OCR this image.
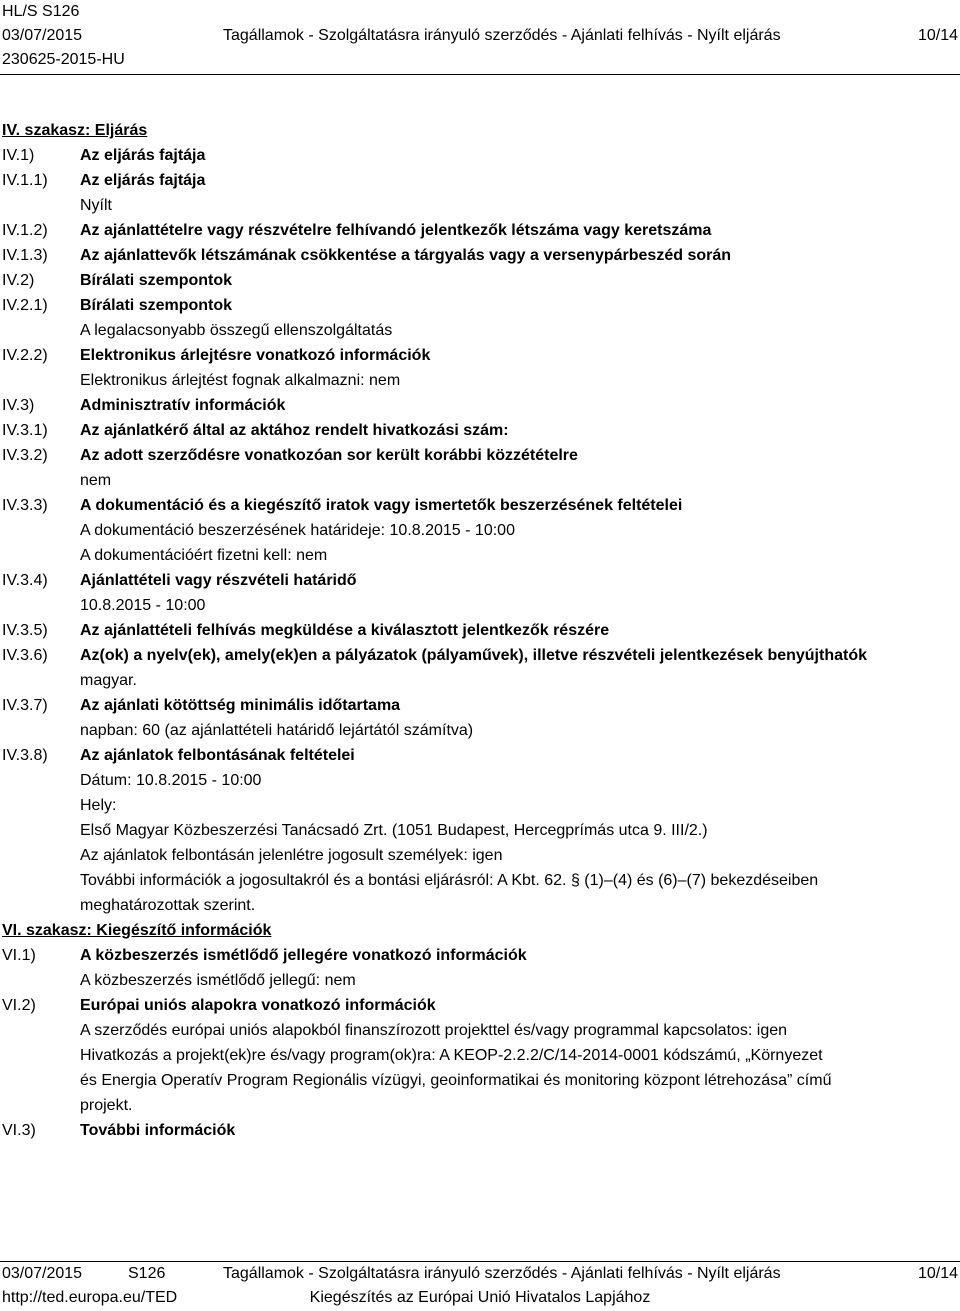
HL/S S126
03/07/2015	Tagállamok - Szolgáltatásra irányuló szerződés - Ajánlati felhívás - Nyílt eljárás	10/14
230625-2015-HU
IV. szakasz: Eljárás
IV.1)	Az eljárás fajtája
IV.1.1)	Az eljárás fajtája
Nyílt
IV.1.2)	Az ajánlattételre vagy részvételre felhívandó jelentkezők létszáma vagy keretszáma
IV.1.3)	Az ajánlattevők létszámának csökkentése a tárgyalás vagy a versenypárbeszéd során
IV.2)	Bírálati szempontok
IV.2.1)	Bírálati szempontok
A legalacsonyabb összegű ellenszolgáltatás
IV.2.2)	Elektronikus árlejtésre vonatkozó információk
Elektronikus árlejtést fognak alkalmazni: nem
IV.3)	Adminisztratív információk
IV.3.1)	Az ajánlatkérő által az aktához rendelt hivatkozási szám:
IV.3.2)	Az adott szerződésre vonatkozóan sor került korábbi közzétételre
nem
IV.3.3)	A dokumentáció és a kiegészítő iratok vagy ismertetők beszerzésének feltételei
A dokumentáció beszerzésének határideje: 10.8.2015 - 10:00
A dokumentációért fizetni kell: nem
IV.3.4)	Ajánlattételi vagy részvételi határidő
10.8.2015 - 10:00
IV.3.5)	Az ajánlattételi felhívás megküldése a kiválasztott jelentkezők részére
IV.3.6)	Az(ok) a nyelv(ek), amely(ek)en a pályázatok (pályaművek), illetve részvételi jelentkezések benyújthatók
magyar.
IV.3.7)	Az ajánlati kötöttség minimális időtartama
napban: 60 (az ajánlattételi határidő lejártától számítva)
IV.3.8)	Az ajánlatok felbontásának feltételei
Dátum: 10.8.2015 - 10:00
Hely:
Első Magyar Közbeszerzési Tanácsadó Zrt. (1051 Budapest, Hercegprímás utca 9. III/2.)
Az ajánlatok felbontásán jelenlétre jogosult személyek: igen
További információk a jogosultakról és a bontási eljárásról: A Kbt. 62. § (1)–(4) és (6)–(7) bekezdéseiben
meghatározottak szerint.
VI. szakasz: Kiegészítő információk
VI.1)	A közbeszerzés ismétlődő jellegére vonatkozó információk
A közbeszerzés ismétlődő jellegű: nem
VI.2)	Európai uniós alapokra vonatkozó információk
A szerződés európai uniós alapokból finanszírozott projekttel és/vagy programmal kapcsolatos: igen
Hivatkozás a projekt(ek)re és/vagy program(ok)ra: A KEOP-2.2.2/C/14-2014-0001 kódszámú, „Környezet
és Energia Operatív Program Regionális vízügyi, geoinformatikai és monitoring központ létrehozása” című
projekt.
VI.3)	További információk
03/07/2015	S126	Tagállamok - Szolgáltatásra irányuló szerződés - Ajánlati felhívás - Nyílt eljárás	10/14
http://ted.europa.eu/TED	Kiegészítés az Európai Unió Hivatalos Lapjához
